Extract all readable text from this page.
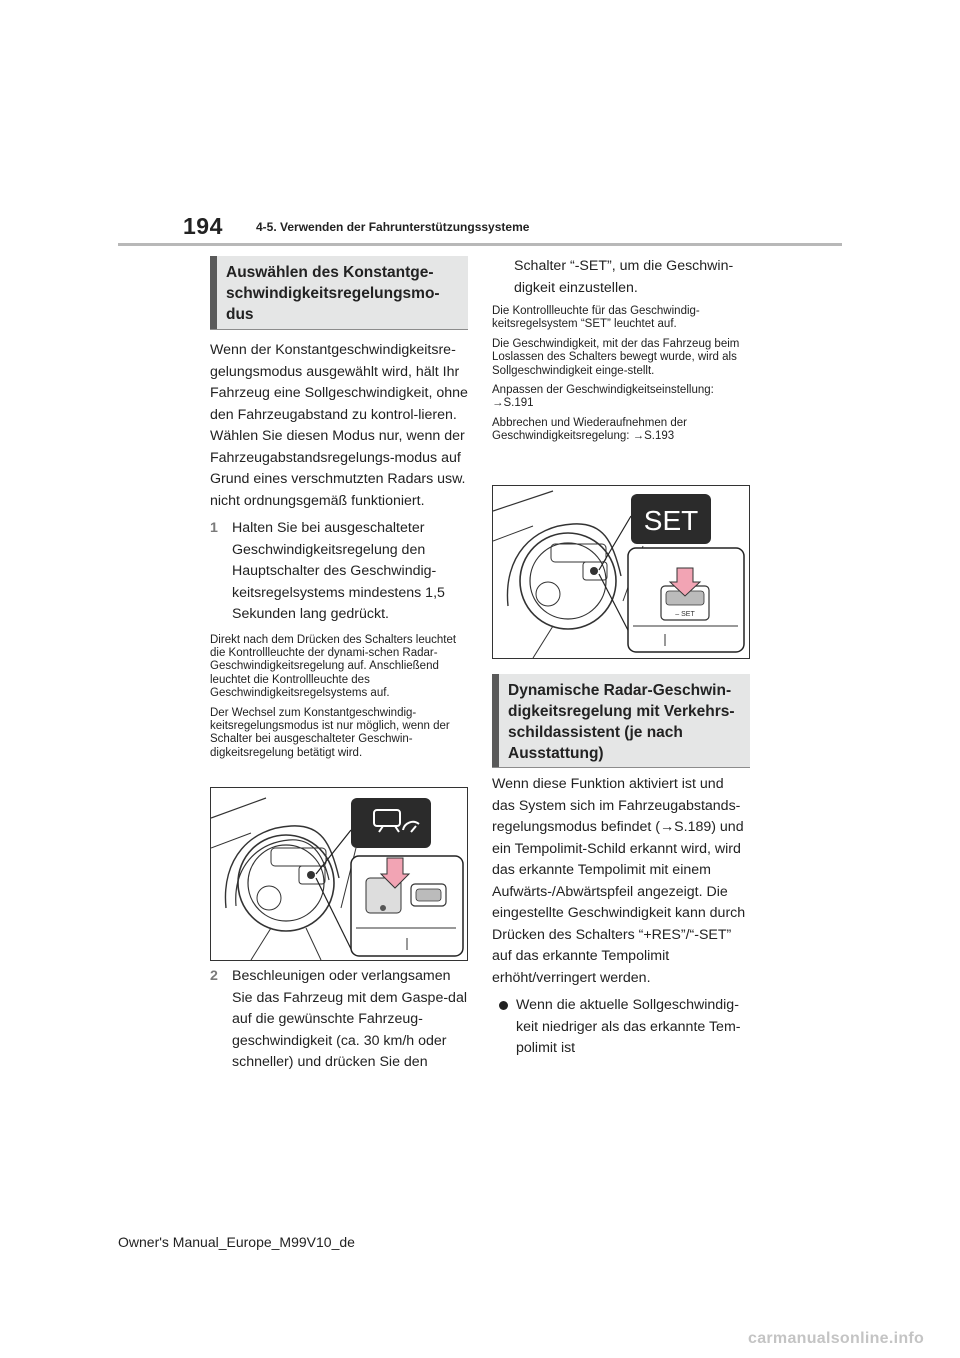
194	4-5. Verwenden der Fahrunterstützungssysteme
Auswählen des Konstantge-schwindigkeitsregelungsmo-dus

Wenn der Konstantgeschwindigkeitsre-gelungsmodus ausgewählt wird, hält Ihr Fahrzeug eine Sollgeschwindigkeit, ohne den Fahrzeugabstand zu kontrol-lieren. Wählen Sie diesen Modus nur, wenn der Fahrzeugabstandsregelungs-modus auf Grund eines verschmutzten Radars usw. nicht ordnungsgemäß funktioniert.

1 Halten Sie bei ausgeschalteter Geschwindigkeitsregelung den Hauptschalter des Geschwindig-keitsregelsystems mindestens 1,5 Sekunden lang gedrückt.

Direkt nach dem Drücken des Schalters leuchtet die Kontrollleuchte der dynami-schen Radar-Geschwindigkeitsregelung auf. Anschließend leuchtet die Kontrollleuchte des Geschwindigkeitsregelsystems auf.

Der Wechsel zum Konstantgeschwindig-keitsregelungsmodus ist nur möglich, wenn der Schalter bei ausgeschalteter Geschwin-digkeitsregelung betätigt wird.

2 Beschleunigen oder verlangsamen Sie das Fahrzeug mit dem Gaspe-dal auf die gewünschte Fahrzeug-geschwindigkeit (ca. 30 km/h oder schneller) und drücken Sie den
Schalter “-SET”, um die Geschwin-digkeit einzustellen.

Die Kontrollleuchte für das Geschwindig-keitsregelsystem “SET” leuchtet auf.

Die Geschwindigkeit, mit der das Fahrzeug beim Loslassen des Schalters bewegt wurde, wird als Sollgeschwindigkeit einge-stellt.

Anpassen der Geschwindigkeitseinstellung: →S.191

Abbrechen und Wiederaufnehmen der Geschwindigkeitsregelung: →S.193

SET
– SET
Dynamische Radar-Geschwin-digkeitsregelung mit Verkehrs-schildassistent (je nach Ausstattung)

Wenn diese Funktion aktiviert ist und das System sich im Fahrzeugabstands-regelungsmodus befindet (→S.189) und ein Tempolimit-Schild erkannt wird, wird das erkannte Tempolimit mit einem Aufwärts-/Abwärtspfeil angezeigt. Die eingestellte Geschwindigkeit kann durch Drücken des Schalters “+RES”/“-SET” auf das erkannte Tempolimit erhöht/verringert werden.

Wenn die aktuelle Sollgeschwindig-keit niedriger als das erkannte Tem-polimit ist
Owner's Manual_Europe_M99V10_de
carmanualsonline.info
